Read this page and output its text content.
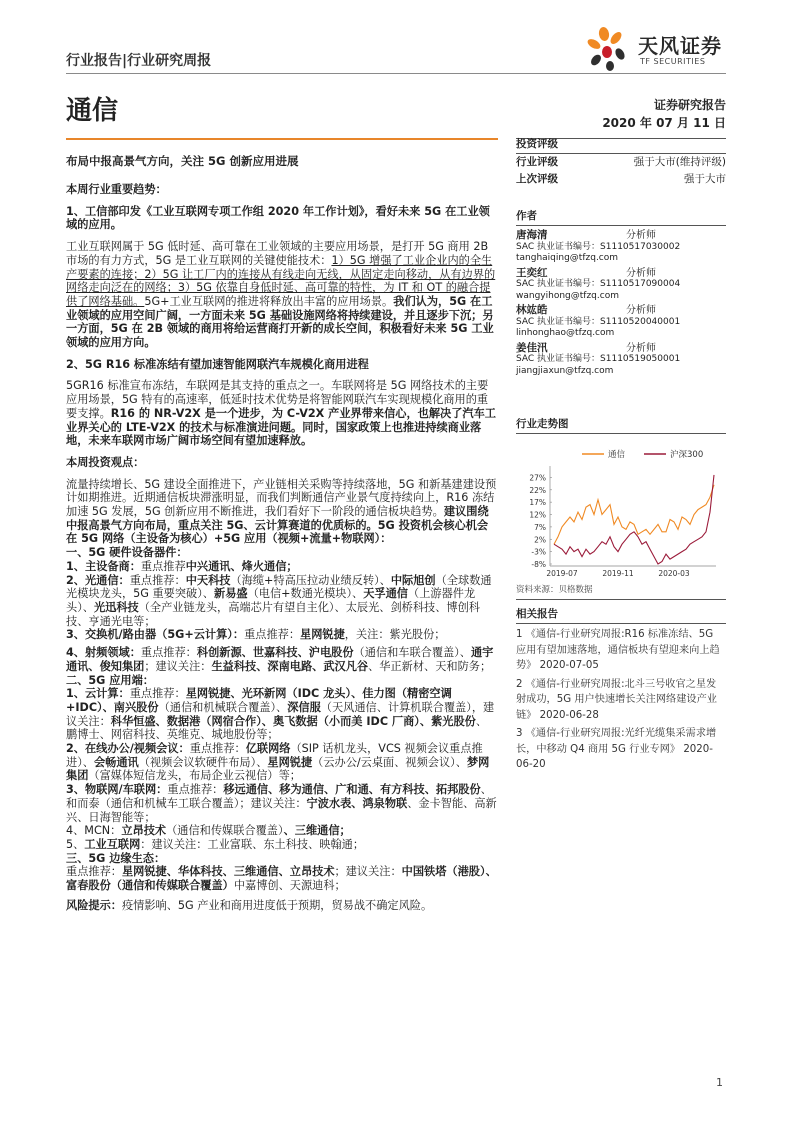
行业报告|行业研究周报
天风证券
TF SECURITIES
通信	证券研究报告
2020 年 07 月 11 日
布局中报高景气方向，关注 5G 创新应用进展

本周行业重要趋势：

1、工信部印发《工业互联网专项工作组 2020 年工作计划》，看好未来 5G 在工业领域的应用。

工业互联网属于 5G 低时延、高可靠在工业领域的主要应用场景，是打开 5G 商用 2B 市场的有力方式，5G 是工业互联网的关键使能技术：1）5G 增强了工业企业内的全生产要素的连接；2）5G 让工厂内的连接从有线走向无线，从固定走向移动，从有边界的网络走向泛在的网络；3）5G 依靠自身低时延、高可靠的特性，为 IT 和 OT 的融合提供了网络基础。5G+工业互联网的推进将释放出丰富的应用场景。我们认为，5G 在工业领域的应用空间广阔，一方面未来 5G 基础设施网络将持续建设，并且逐步下沉；另一方面，5G 在 2B 领域的商用将给运营商打开新的成长空间，积极看好未来 5G 工业领域的应用方向。

2、5G R16 标准冻结有望加速智能网联汽车规模化商用进程

5GR16 标准宣布冻结，车联网是其支持的重点之一。车联网将是 5G 网络技术的主要应用场景，5G 特有的高速率，低延时技术优势是将智能网联汽车实现规模化商用的重要支撑。R16 的 NR-V2X 是一个进步，为 C-V2X 产业界带来信心，也解决了汽车工业界关心的 LTE-V2X 的技术与标准演进问题。同时，国家政策上也推进持续商业落地，未来车联网市场广阔市场空间有望加速释放。

本周投资观点：

流量持续增长、5G 建设全面推进下，产业链相关采购等持续落地，5G 和新基建建设预计如期推进。近期通信板块滞涨明显，而我们判断通信产业景气度持续向上，R16 冻结加速 5G 发展，5G 创新应用不断推进，我们看好下一阶段的通信板块趋势。建议围绕中报高景气方向布局，重点关注 5G、云计算赛道的优质标的。5G 投资机会核心机会在 5G 网络（主设备为核心）+5G 应用（视频+流量+物联网）：

一、5G 硬件设备器件：

1、主设备商：重点推荐中兴通讯、烽火通信；

2、光通信：重点推荐：中天科技（海缆+特高压拉动业绩反转）、中际旭创（全球数通光模块龙头，5G 重要突破）、新易盛（电信+数通光模块）、天孚通信（上游器件龙头）、光迅科技（全产业链龙头，高端芯片有望自主化）、太辰光、剑桥科技、博创科技、亨通光电等；

3、交换机/路由器（5G+云计算）：重点推荐：星网锐捷，关注：紫光股份；

4、射频领域：重点推荐：科创新源、世嘉科技、沪电股份（通信和车联合覆盖）、通宇通讯、俊知集团；建议关注：生益科技、深南电路、武汉凡谷、华正新材、天和防务；

二、5G 应用端：

1、云计算：重点推荐：星网锐捷、光环新网（IDC 龙头）、佳力图（精密空调+IDC）、南兴股份（通信和机械联合覆盖）、深信服（天风通信、计算机联合覆盖），建议关注：科华恒盛、数据港（网宿合作）、奥飞数据（小而美 IDC 厂商）、紫光股份、鹏博士、网宿科技、英维克、城地股份等；

2、在线办公/视频会议：重点推荐：亿联网络（SIP 话机龙头，VCS 视频会议重点推进）、会畅通讯（视频会议软硬件布局）、星网锐捷（云办公/云桌面、视频会议）、梦网集团（富媒体短信龙头，布局企业云视信）等；

3、物联网/车联网：重点推荐：移远通信、移为通信、广和通、有方科技、拓邦股份、和而泰（通信和机械车工联合覆盖）；建议关注：宁波水表、鸿泉物联、金卡智能、高新兴、日海智能等；

4、MCN：立昂技术（通信和传媒联合覆盖）、三维通信；

5、工业互联网：建议关注：工业富联、东土科技、映翰通；

三、5G 边缘生态：

重点推荐：星网锐捷、华体科技、三维通信、立昂技术；建议关注：中国铁塔（港股）、富春股份（通信和传媒联合覆盖）中嘉博创、天源迪科；

风险提示：疫情影响、5G 产业和商用进度低于预期，贸易战不确定风险。

投资评级
行业评级	强于大市(维持评级)
上次评级	强于大市
作者
唐海清	分析师
SAC 执业证书编号：S1110517030002
tanghaiqing@tfzq.com
王奕红	分析师
SAC 执业证书编号：S1110517090004
wangyihong@tfzq.com
林竑皓	分析师
SAC 执业证书编号：S1110520040001
linhonghao@tfzq.com
姜佳汛	分析师
SAC 执业证书编号：S1110519050001
jiangjiaxun@tfzq.com
行业走势图
通信	沪深300
27%
22%
17%
12%
7%
2%
-3%
-8%
2019-07	2019-11	2020-03
资料来源：贝格数据
相关报告
1 《通信-行业研究周报:R16 标准冻结、5G 应用有望加速落地，通信板块有望迎来向上趋势》 2020-07-05
2 《通信-行业研究周报:北斗三号收官之星发射成功，5G 用户快速增长关注网络建设产业链》 2020-06-28
3 《通信-行业研究周报:光纤光缆集采需求增长，中移动 Q4 商用 5G 行业专网》 2020-06-20
1
